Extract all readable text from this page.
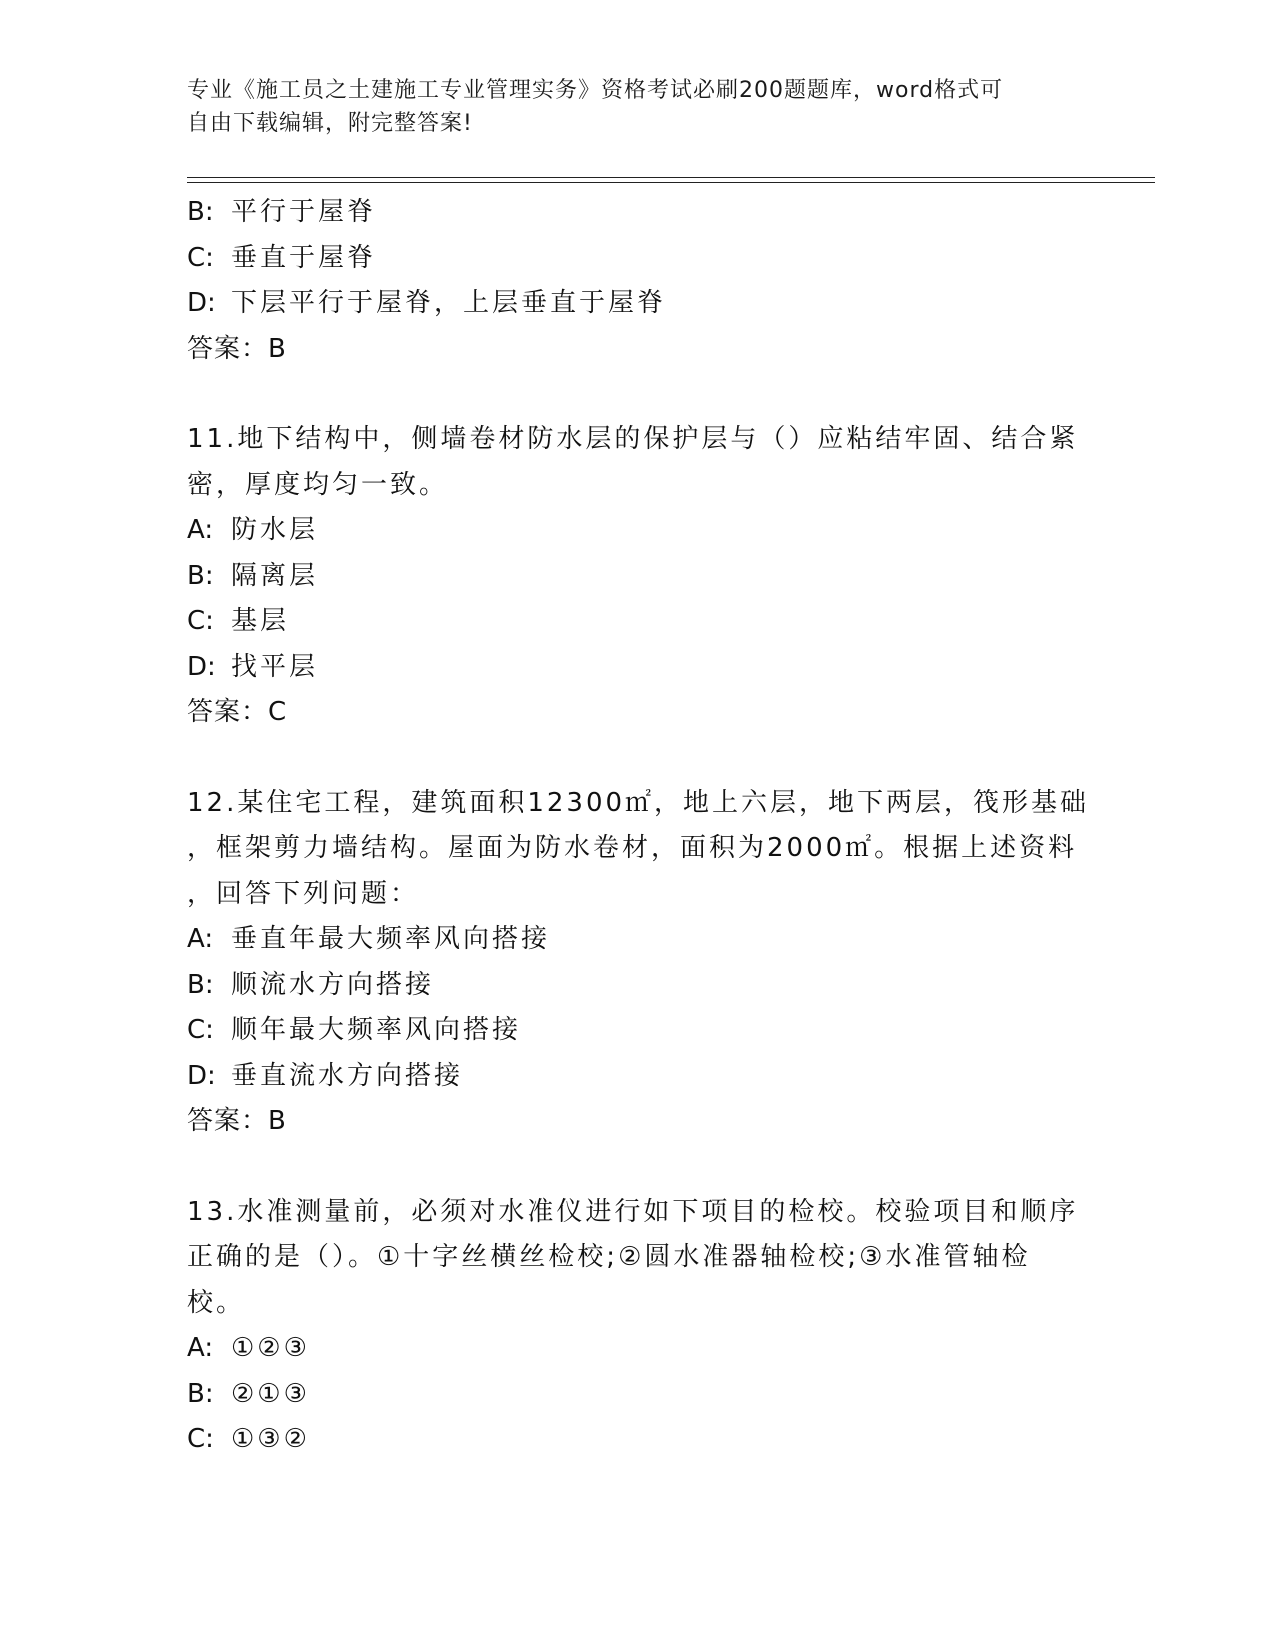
专业《施工员之土建施工专业管理实务》资格考试必刷200题题库，word格式可
自由下载编辑，附完整答案!
B: 平行于屋脊
C: 垂直于屋脊
D: 下层平行于屋脊，上层垂直于屋脊
答案：B
11.地下结构中，侧墙卷材防水层的保护层与（）应粘结牢固、结合紧
密，厚度均匀一致。
A: 防水层
B: 隔离层
C: 基层
D: 找平层
答案：C
12.某住宅工程，建筑面积12300㎡，地上六层，地下两层，筏形基础
，框架剪力墙结构。屋面为防水卷材，面积为2000㎡。根据上述资料
，回答下列问题：
A: 垂直年最大频率风向搭接
B: 顺流水方向搭接
C: 顺年最大频率风向搭接
D: 垂直流水方向搭接
答案：B
13.水准测量前，必须对水准仪进行如下项目的检校。校验项目和顺序
正确的是（）。①十字丝横丝检校;②圆水准器轴检校;③水准管轴检
校。
A: ①②③
B: ②①③
C: ①③②
